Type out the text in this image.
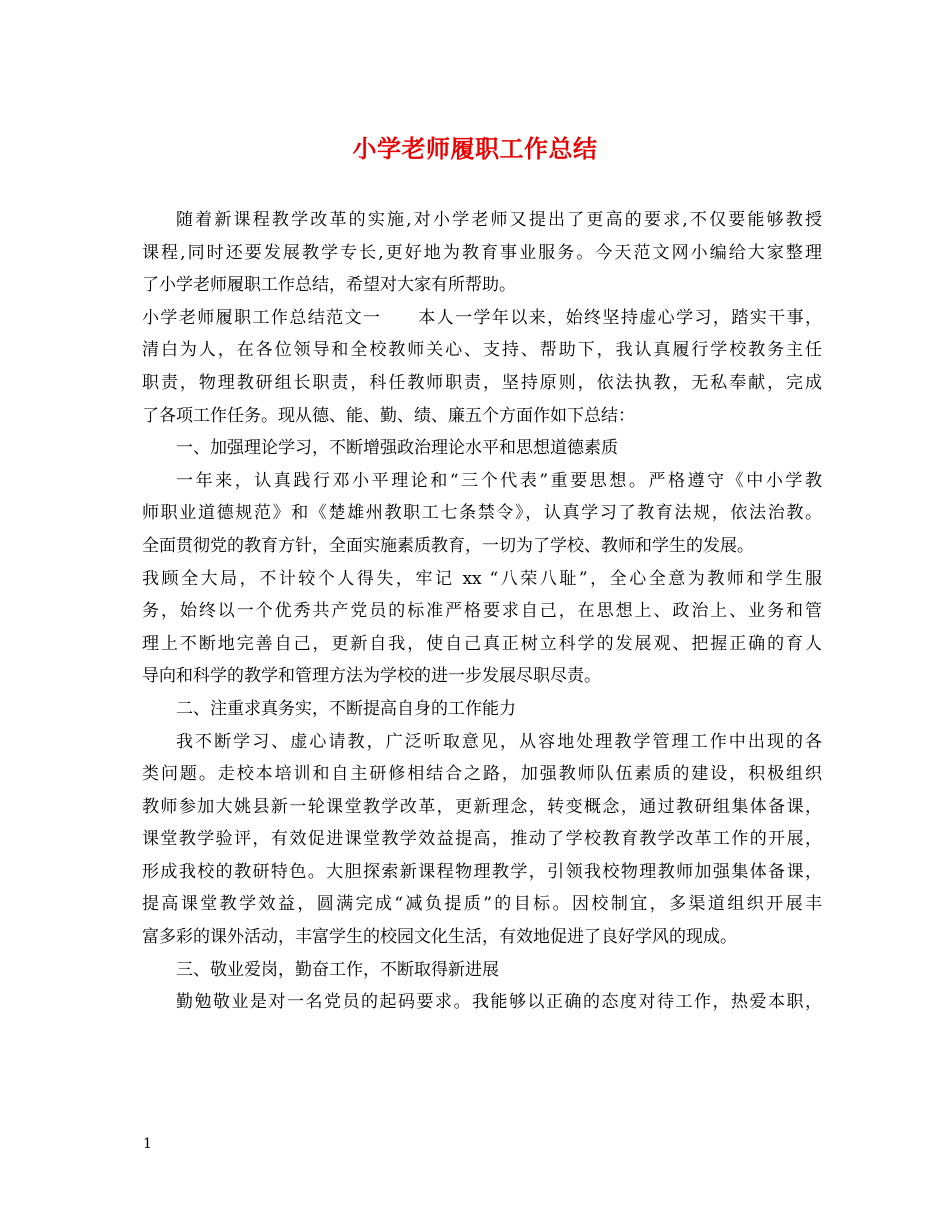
小学老师履职工作总结
随着新课程教学改革的实施,对小学老师又提出了更高的要求,不仅要能够教授
课程,同时还要发展教学专长,更好地为教育事业服务。今天范文网小编给大家整理
了小学老师履职工作总结，希望对大家有所帮助。
小学老师履职工作总结范文一　　本人一学年以来，始终坚持虚心学习，踏实干事，
清白为人，在各位领导和全校教师关心、支持、帮助下，我认真履行学校教务主任
职责，物理教研组长职责，科任教师职责，坚持原则，依法执教，无私奉献，完成
了各项工作任务。现从德、能、勤、绩、廉五个方面作如下总结：
一、加强理论学习，不断增强政治理论水平和思想道德素质
一年来，认真践行邓小平理论和“三个代表”重要思想。严格遵守《中小学教
师职业道德规范》和《楚雄州教职工七条禁令》，认真学习了教育法规，依法治教。
全面贯彻党的教育方针，全面实施素质教育，一切为了学校、教师和学生的发展。
我顾全大局，不计较个人得失，牢记 xx “八荣八耻”，全心全意为教师和学生服
务，始终以一个优秀共产党员的标准严格要求自己，在思想上、政治上、业务和管
理上不断地完善自己，更新自我，使自己真正树立科学的发展观、把握正确的育人
导向和科学的教学和管理方法为学校的进一步发展尽职尽责。
二、注重求真务实，不断提高自身的工作能力
我不断学习、虚心请教，广泛听取意见，从容地处理教学管理工作中出现的各
类问题。走校本培训和自主研修相结合之路，加强教师队伍素质的建设，积极组织
教师参加大姚县新一轮课堂教学改革，更新理念，转变概念，通过教研组集体备课，
课堂教学验评，有效促进课堂教学效益提高，推动了学校教育教学改革工作的开展，
形成我校的教研特色。大胆探索新课程物理教学，引领我校物理教师加强集体备课，
提高课堂教学效益，圆满完成“减负提质”的目标。因校制宜，多渠道组织开展丰
富多彩的课外活动，丰富学生的校园文化生活，有效地促进了良好学风的现成。
三、敬业爱岗，勤奋工作，不断取得新进展
勤勉敬业是对一名党员的起码要求。我能够以正确的态度对待工作，热爱本职，
1
